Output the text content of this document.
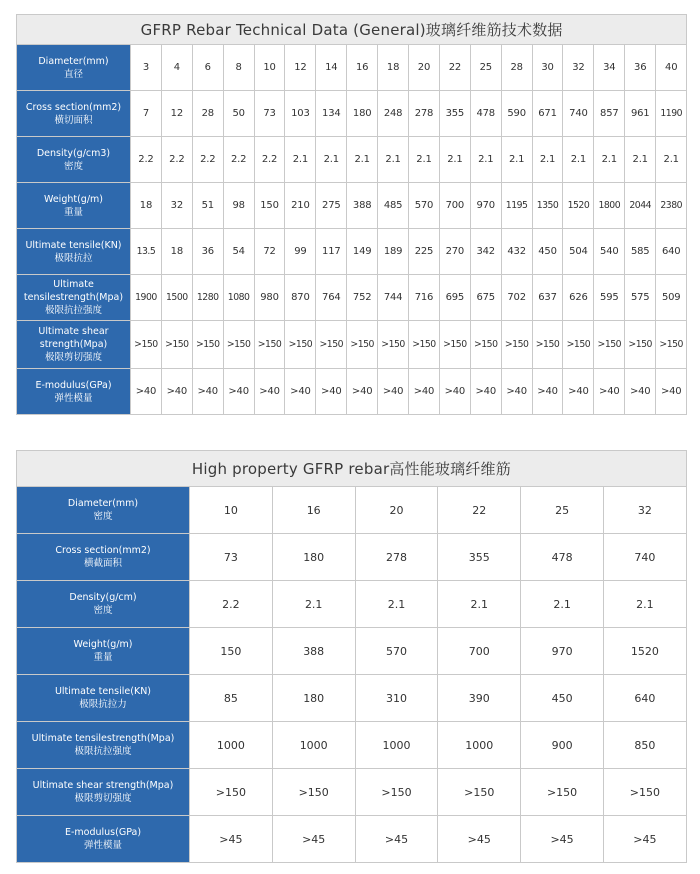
GFRP Rebar Technical Data (General)玻璃纤维筋技术数据																		

Diameter(mm)
直径	3	4	6	8	10	12	14	16	18	20	22	25	28	30	32	34	36	40

Cross section(mm2)
横切面积	7	12	28	50	73	103	134	180	248	278	355	478	590	671	740	857	961	1190

Density(g/cm3)
密度	2.2	2.2	2.2	2.2	2.2	2.1	2.1	2.1	2.1	2.1	2.1	2.1	2.1	2.1	2.1	2.1	2.1	2.1

Weight(g/m)
重量	18	32	51	98	150	210	275	388	485	570	700	970	1195	1350	1520	1800	2044	2380

Ultimate tensile(KN)
极限抗拉	13.5	18	36	54	72	99	117	149	189	225	270	342	432	450	504	540	585	640

Ultimate tensilestrength(Mpa)
极限抗拉强度	1900	1500	1280	1080	980	870	764	752	744	716	695	675	702	637	626	595	575	509

Ultimate shear strength(Mpa)
极限剪切强度	>150	>150	>150	>150	>150	>150	>150	>150	>150	>150	>150	>150	>150	>150	>150	>150	>150	>150

E-modulus(GPa)
弹性模量	>40	>40	>40	>40	>40	>40	>40	>40	>40	>40	>40	>40	>40	>40	>40	>40	>40	>40
High property GFRP rebar高性能玻璃纤维筋						

Diameter(mm)
密度	10	16	20	22	25	32

Cross section(mm2)
横截面积	73	180	278	355	478	740

Density(g/cm)
密度	2.2	2.1	2.1	2.1	2.1	2.1

Weight(g/m)
重量	150	388	570	700	970	1520

Ultimate tensile(KN)
极限抗拉力	85	180	310	390	450	640

Ultimate tensilestrength(Mpa)
极限抗拉强度	1000	1000	1000	1000	900	850

Ultimate shear strength(Mpa)
极限剪切强度	>150	>150	>150	>150	>150	>150

E-modulus(GPa)
弹性模量	>45	>45	>45	>45	>45	>45
